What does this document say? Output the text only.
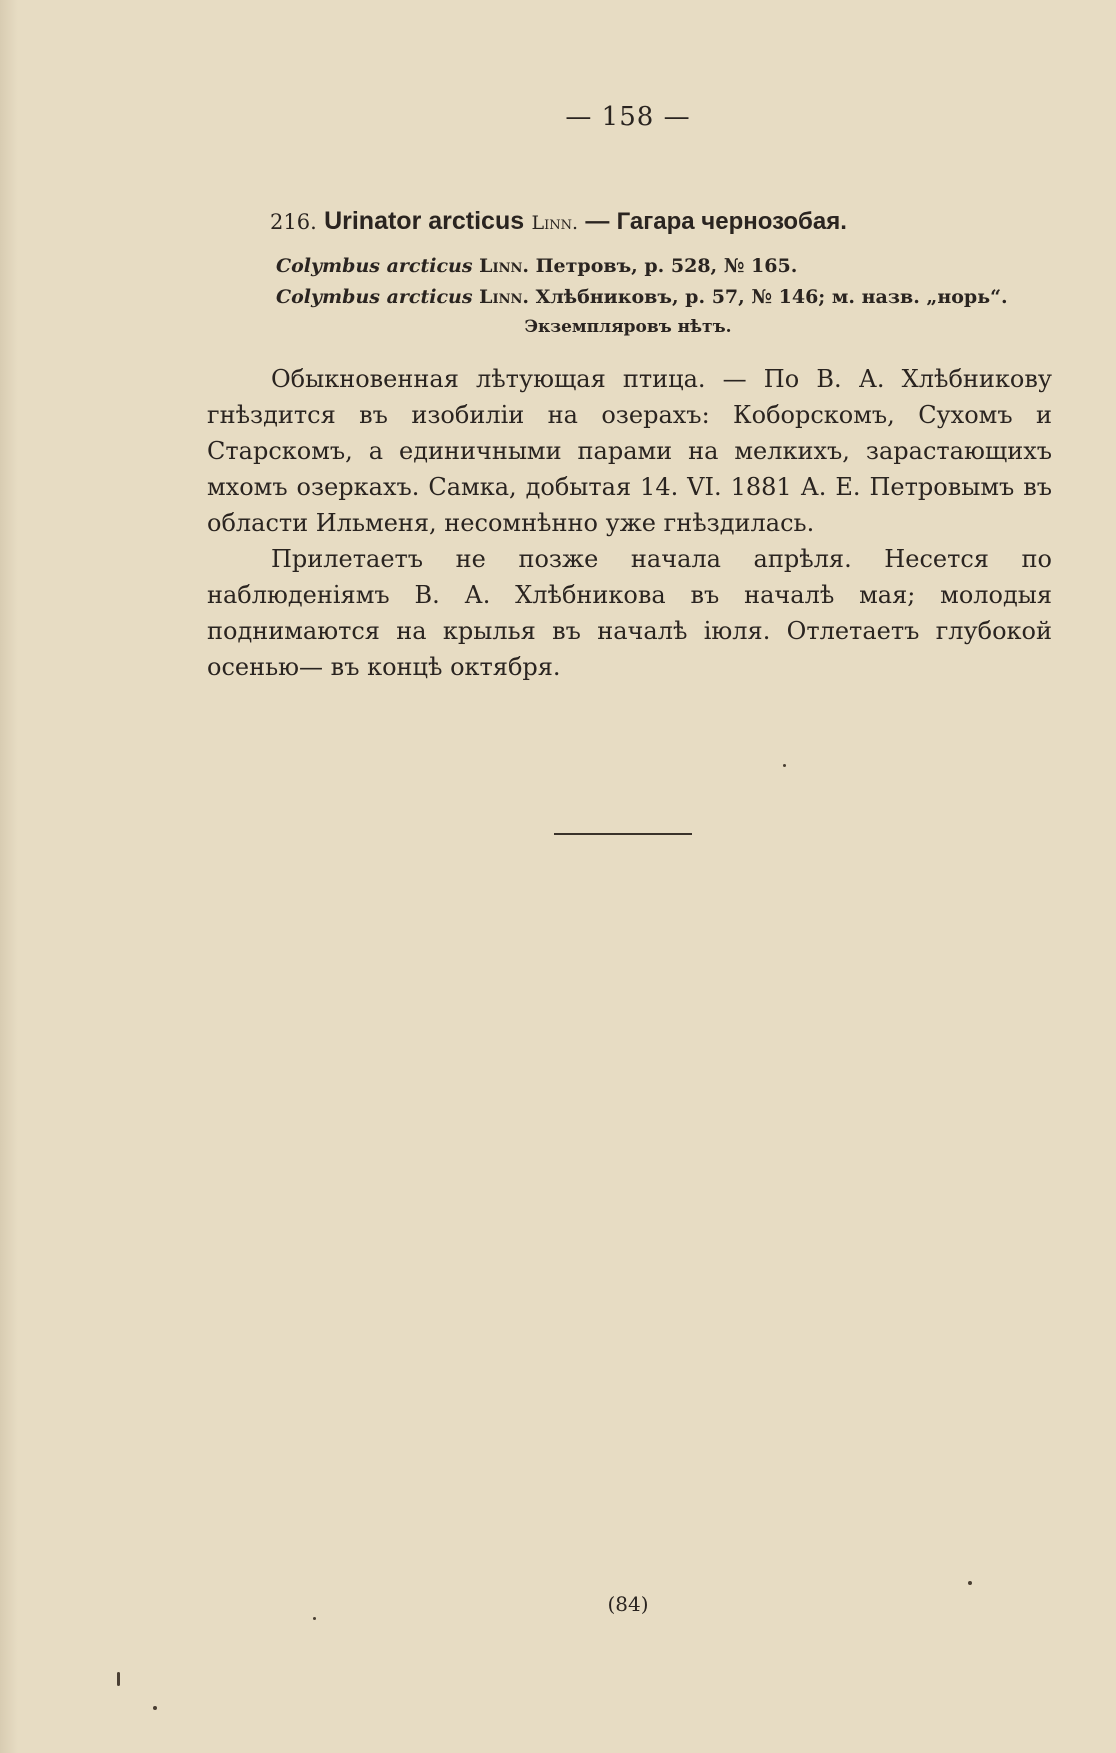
— 158 —
216. Urinator arcticus Linn. — Гагара чернозобая.
Colymbus arcticus Linn. Петровъ, р. 528, № 165.
Colymbus arcticus Linn. Хлѣбниковъ, р. 57, № 146; м. назв. „норь“.
Экземпляровъ нѣтъ.

Обыкновенная лѣтующая птица. — По В. А. Хлѣбникову гнѣздится въ изобиліи на озерахъ: Коборскомъ, Сухомъ и Старскомъ, а единичными парами на мелкихъ, зарастающихъ мхомъ озеркахъ. Самка, добытая 14. VI. 1881 А. Е. Петровымъ въ области Ильменя, несомнѣнно уже гнѣздилась.

Прилетаетъ не позже начала апрѣля. Несется по наблюденіямъ В. А. Хлѣбникова въ началѣ мая; молодыя поднимаются на крылья въ началѣ іюля. Отлетаетъ глубокой осенью— въ концѣ октября.

(84)
